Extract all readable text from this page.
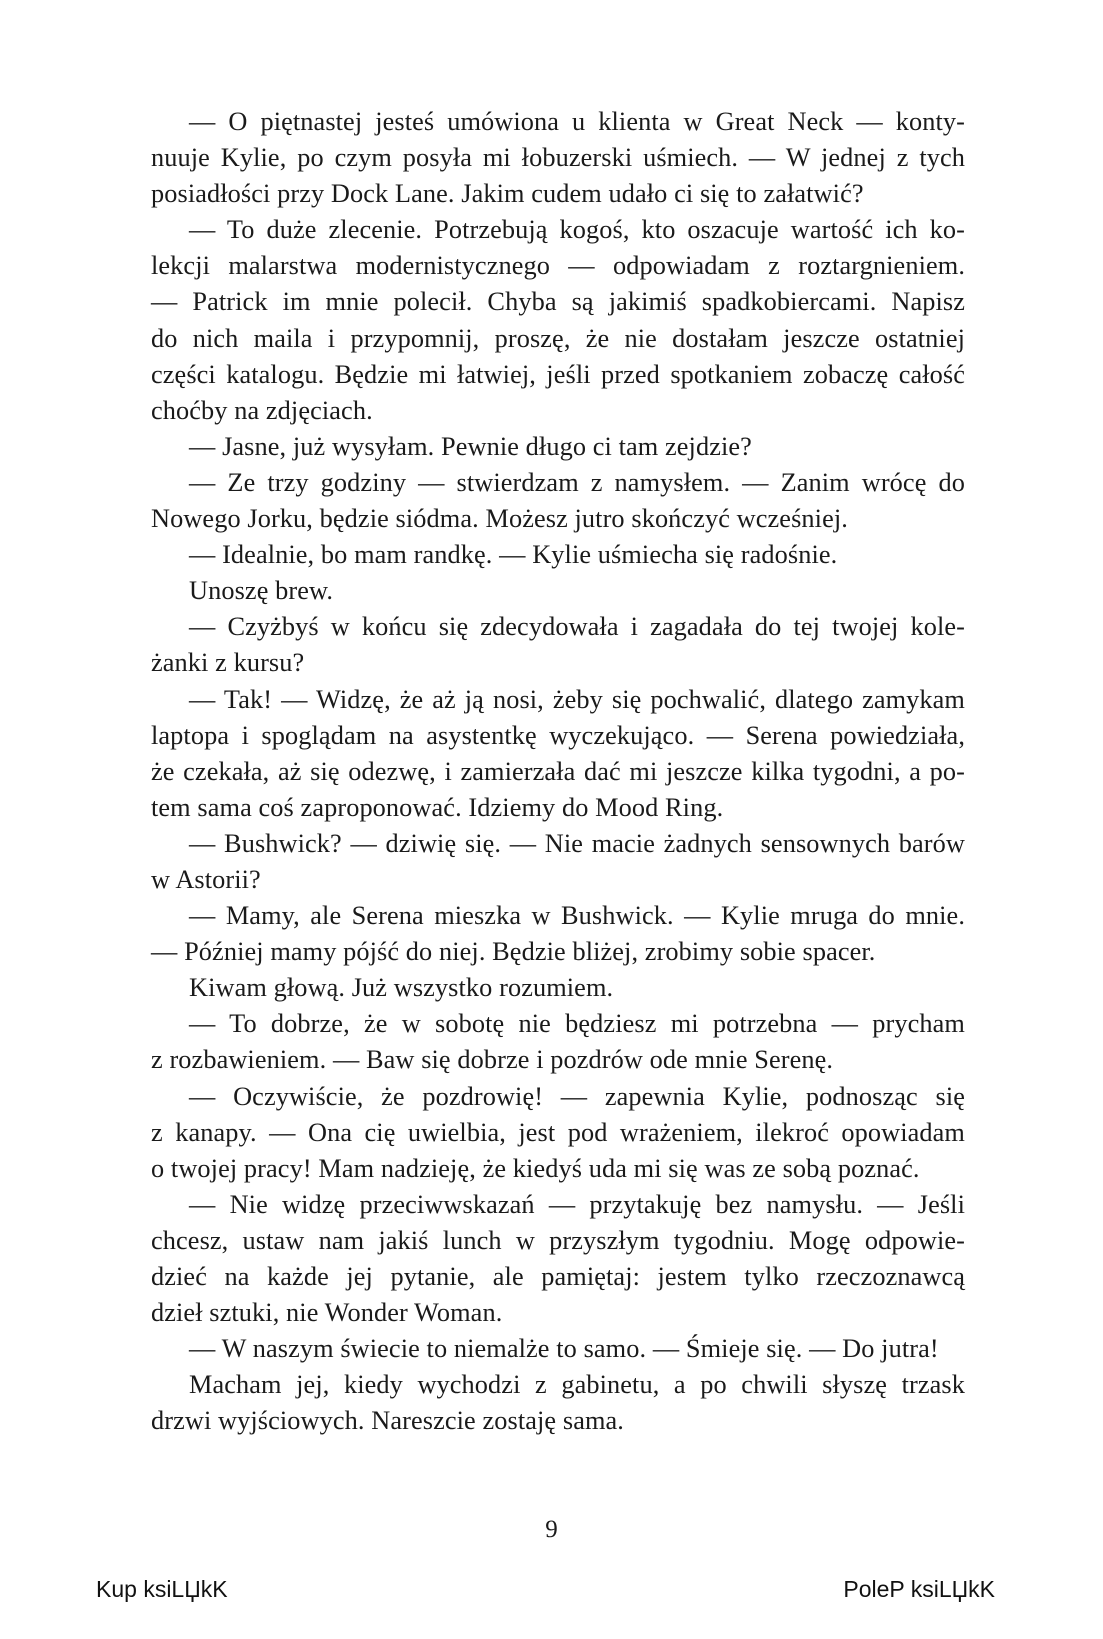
— O piętnastej jesteś umówiona u klienta w Great Neck — konty-

nuuje Kylie, po czym posyła mi łobuzerski uśmiech. — W jednej z tych

posiadłości przy Dock Lane. Jakim cudem udało ci się to załatwić?

— To duże zlecenie. Potrzebują kogoś, kto oszacuje wartość ich ko-

lekcji malarstwa modernistycznego — odpowiadam z roztargnieniem.

— Patrick im mnie polecił. Chyba są jakimiś spadkobiercami. Napisz

do nich maila i przypomnij, proszę, że nie dostałam jeszcze ostatniej

części katalogu. Będzie mi łatwiej, jeśli przed spotkaniem zobaczę całość

choćby na zdjęciach.

— Jasne, już wysyłam. Pewnie długo ci tam zejdzie?

— Ze trzy godziny — stwierdzam z namysłem. — Zanim wrócę do

Nowego Jorku, będzie siódma. Możesz jutro skończyć wcześniej.

— Idealnie, bo mam randkę. — Kylie uśmiecha się radośnie.

Unoszę brew.

— Czyżbyś w końcu się zdecydowała i zagadała do tej twojej kole-

żanki z kursu?

— Tak! — Widzę, że aż ją nosi, żeby się pochwalić, dlatego zamykam

laptopa i spoglądam na asystentkę wyczekująco. — Serena powiedziała,

że czekała, aż się odezwę, i zamierzała dać mi jeszcze kilka tygodni, a po-

tem sama coś zaproponować. Idziemy do Mood Ring.

— Bushwick? — dziwię się. — Nie macie żadnych sensownych barów

w Astorii?

— Mamy, ale Serena mieszka w Bushwick. — Kylie mruga do mnie.

— Później mamy pójść do niej. Będzie bliżej, zrobimy sobie spacer.

Kiwam głową. Już wszystko rozumiem.

— To dobrze, że w sobotę nie będziesz mi potrzebna — prycham

z rozbawieniem. — Baw się dobrze i pozdrów ode mnie Serenę.

— Oczywiście, że pozdrowię! — zapewnia Kylie, podnosząc się

z kanapy. — Ona cię uwielbia, jest pod wrażeniem, ilekroć opowiadam

o twojej pracy! Mam nadzieję, że kiedyś uda mi się was ze sobą poznać.

— Nie widzę przeciwwskazań — przytakuję bez namysłu. — Jeśli

chcesz, ustaw nam jakiś lunch w przyszłym tygodniu. Mogę odpowie-

dzieć na każde jej pytanie, ale pamiętaj: jestem tylko rzeczoznawcą

dzieł sztuki, nie Wonder Woman.

— W naszym świecie to niemalże to samo. — Śmieje się. — Do jutra!

Macham jej, kiedy wychodzi z gabinetu, a po chwili słyszę trzask

drzwi wyjściowych. Nareszcie zostaję sama.

9
Kup ksiLЏkK	PoleP ksiLЏkK
